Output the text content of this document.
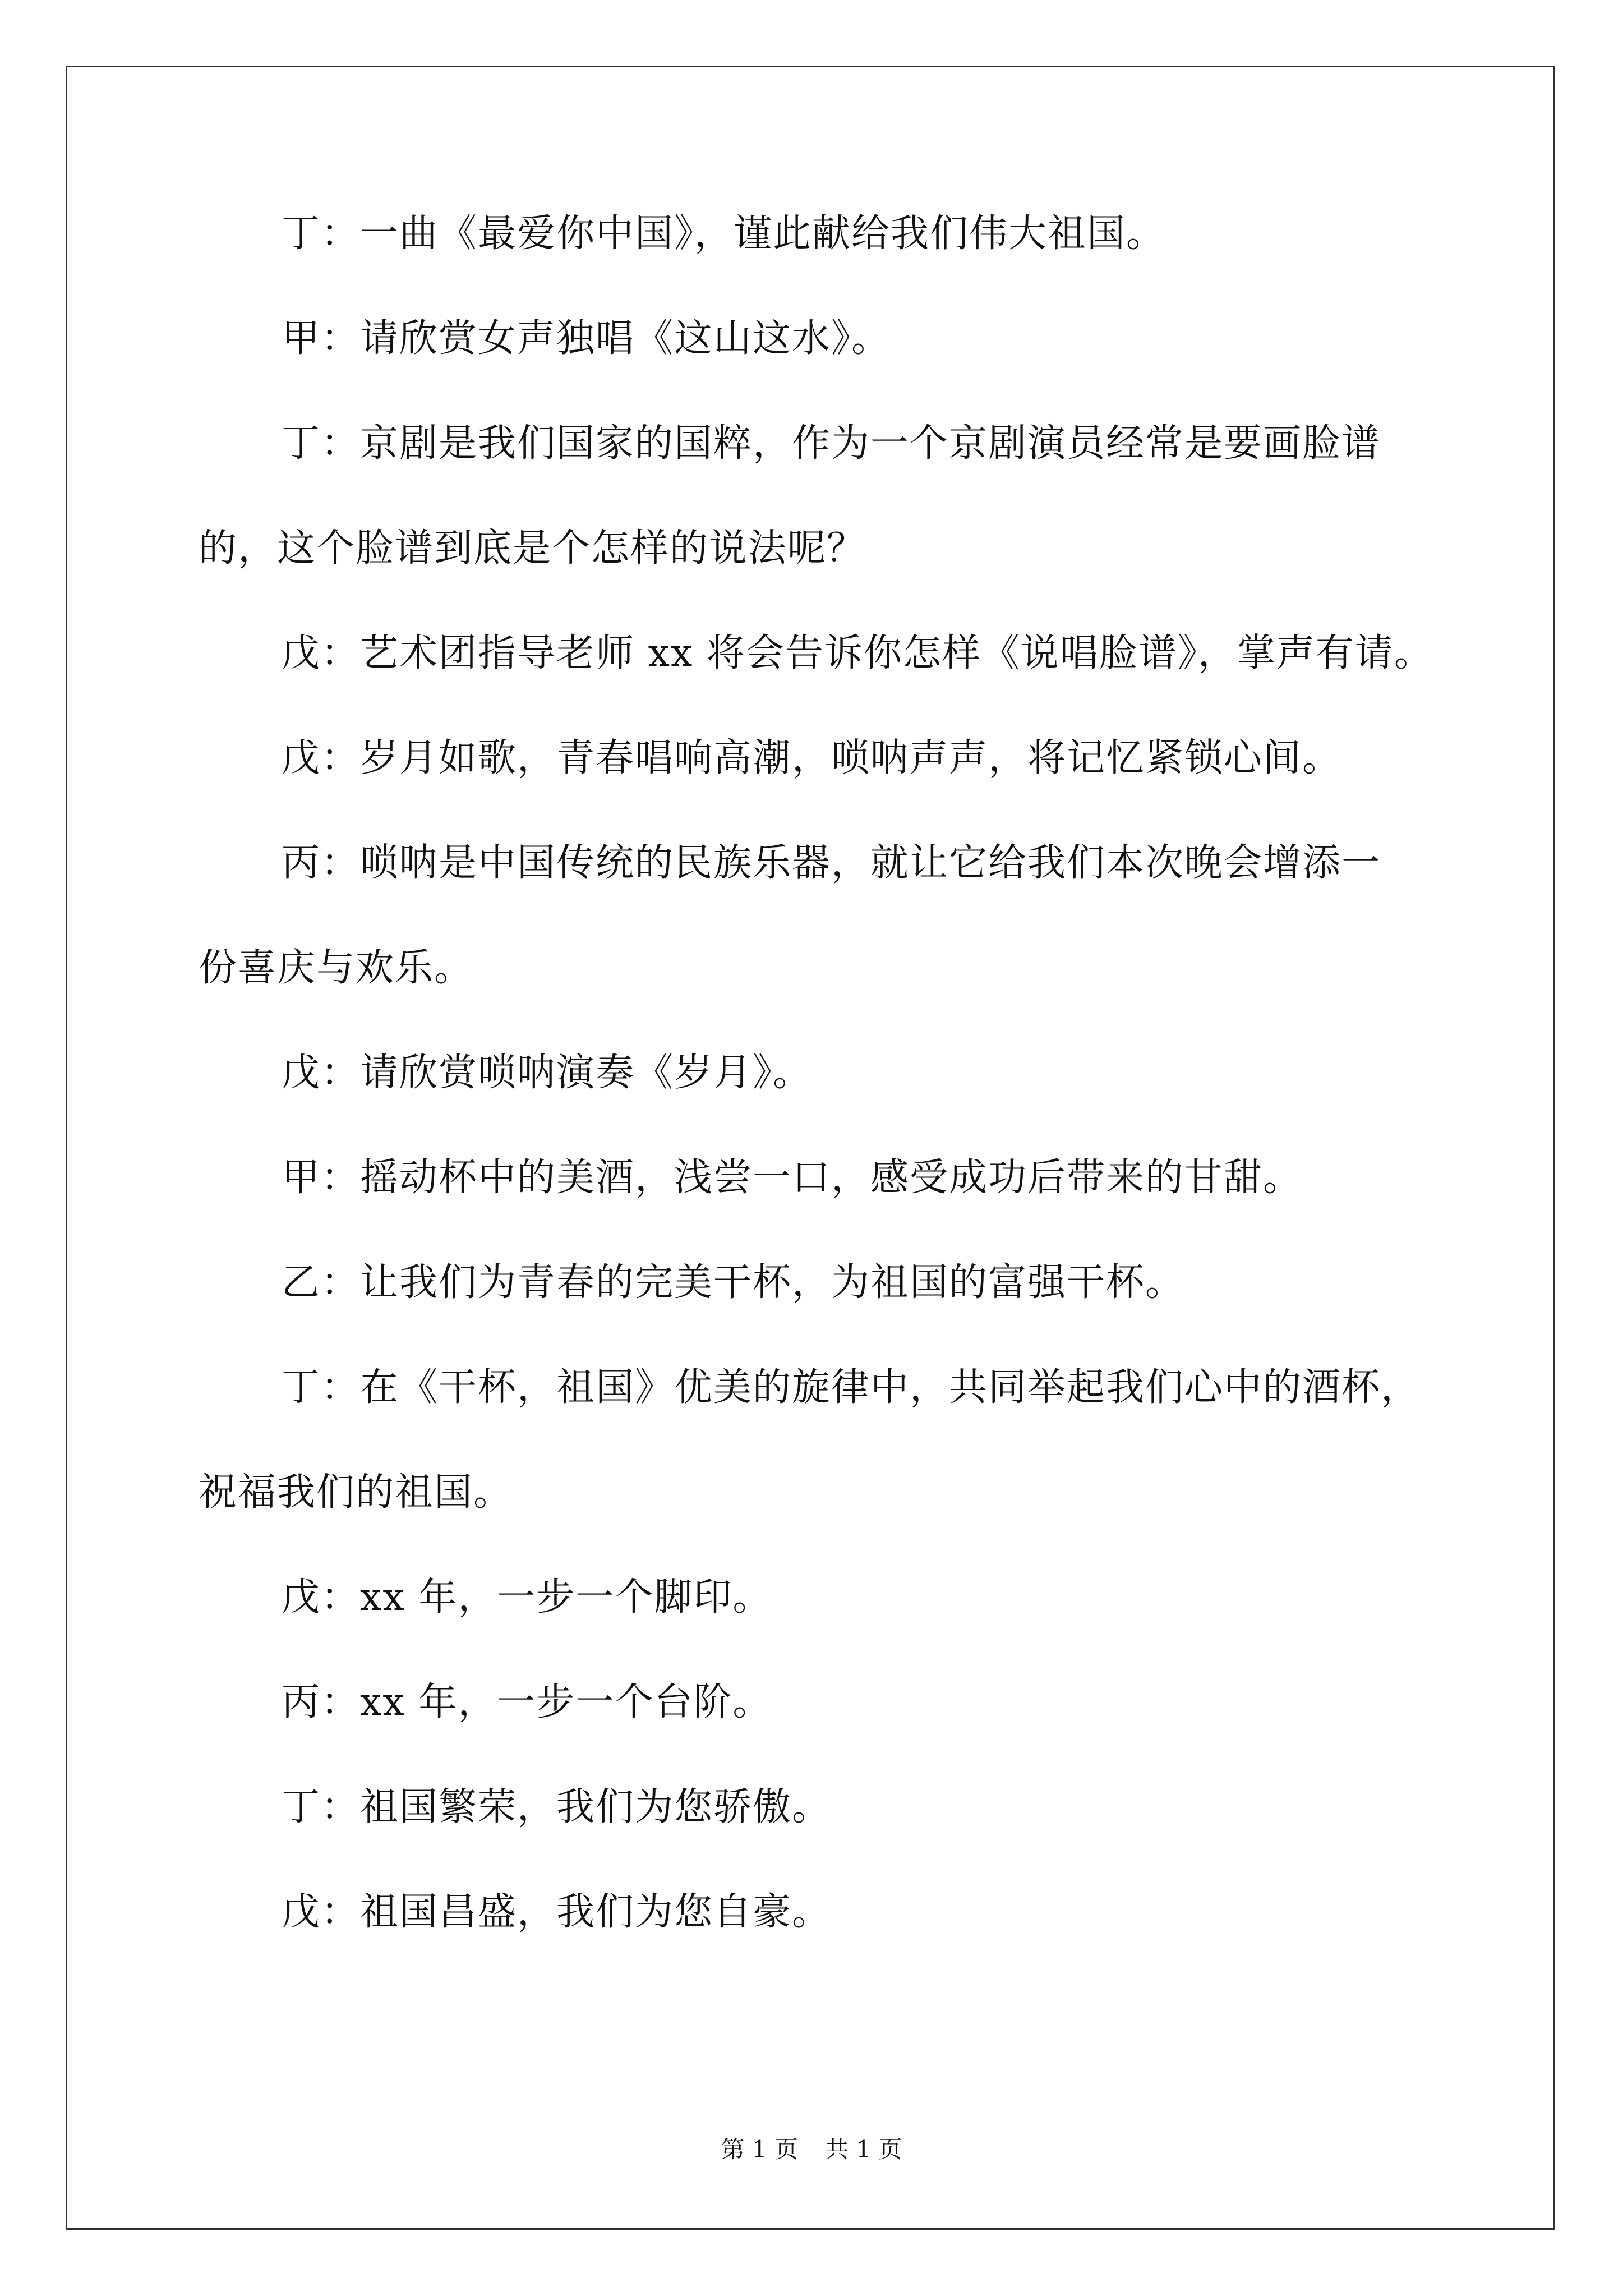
丁：一曲《最爱你中国》，谨此献给我们伟大祖国。

甲：请欣赏女声独唱《这山这水》。

丁：京剧是我们国家的国粹，作为一个京剧演员经常是要画脸谱

的，这个脸谱到底是个怎样的说法呢？

戊：艺术团指导老师 xx 将会告诉你怎样《说唱脸谱》，掌声有请。

戊：岁月如歌，青春唱响高潮，唢呐声声，将记忆紧锁心间。

丙：唢呐是中国传统的民族乐器，就让它给我们本次晚会增添一

份喜庆与欢乐。

戊：请欣赏唢呐演奏《岁月》。

甲：摇动杯中的美酒，浅尝一口，感受成功后带来的甘甜。

乙：让我们为青春的完美干杯，为祖国的富强干杯。

丁：在《干杯，祖国》优美的旋律中，共同举起我们心中的酒杯，

祝福我们的祖国。

戊：xx 年，一步一个脚印。

丙：xx 年，一步一个台阶。

丁：祖国繁荣，我们为您骄傲。

戊：祖国昌盛，我们为您自豪。

第 1 页 共 1 页
